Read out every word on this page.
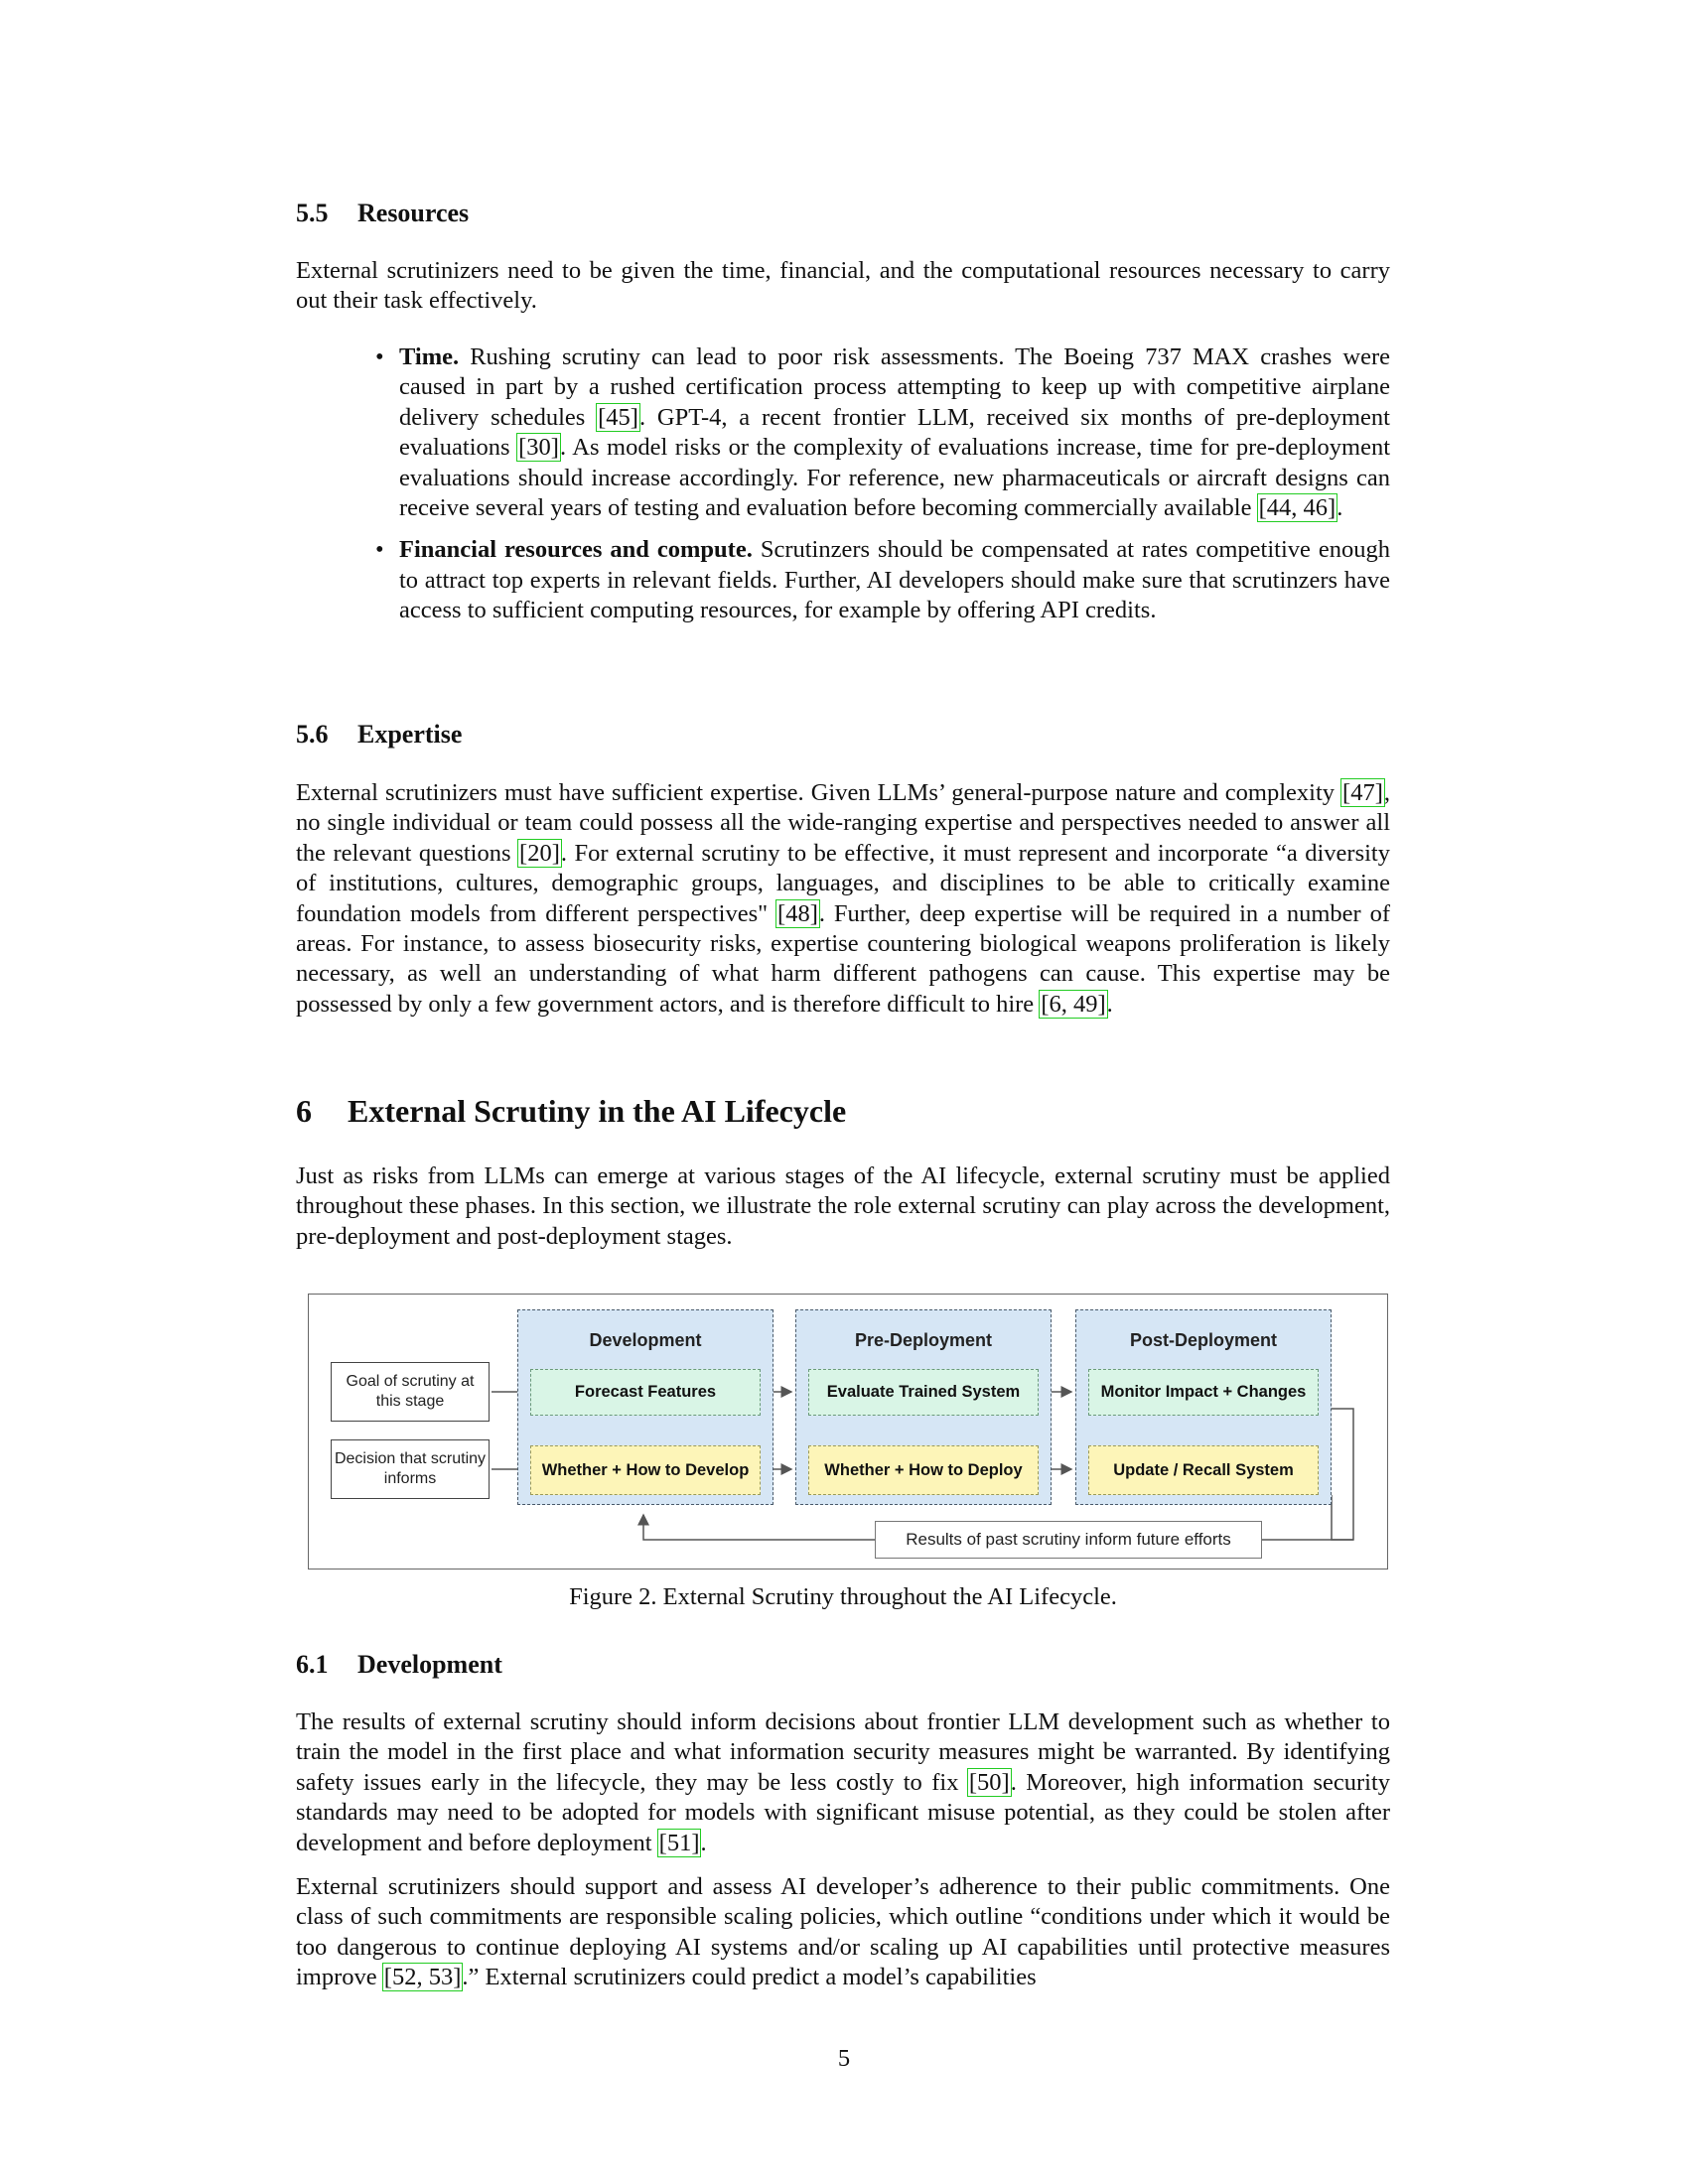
5.5 Resources

External scrutinizers need to be given the time, financial, and the computational resources necessary to carry out their task effectively.

• Time. Rushing scrutiny can lead to poor risk assessments. The Boeing 737 MAX crashes were caused in part by a rushed certification process attempting to keep up with competitive airplane delivery schedules [45]. GPT-4, a recent frontier LLM, received six months of pre-deployment evaluations [30]. As model risks or the complexity of evaluations increase, time for pre-deployment evaluations should increase accordingly. For reference, new pharmaceuticals or aircraft designs can receive several years of testing and evaluation before becoming commercially available [44, 46].
• Financial resources and compute. Scrutinzers should be compensated at rates competitive enough to attract top experts in relevant fields. Further, AI developers should make sure that scrutinzers have access to sufficient computing resources, for example by offering API credits.
5.6 Expertise

External scrutinizers must have sufficient expertise. Given LLMs’ general-purpose nature and complexity [47], no single individual or team could possess all the wide-ranging expertise and perspectives needed to answer all the relevant questions [20]. For external scrutiny to be effective, it must represent and incorporate “a diversity of institutions, cultures, demographic groups, languages, and disciplines to be able to critically examine foundation models from different perspectives" [48]. Further, deep expertise will be required in a number of areas. For instance, to assess biosecurity risks, expertise countering biological weapons proliferation is likely necessary, as well an understanding of what harm different pathogens can cause. This expertise may be possessed by only a few government actors, and is therefore difficult to hire [6, 49].

6 External Scrutiny in the AI Lifecycle

Just as risks from LLMs can emerge at various stages of the AI lifecycle, external scrutiny must be applied throughout these phases. In this section, we illustrate the role external scrutiny can play across the development, pre-deployment and post-deployment stages.

Goal of scrutiny at this stage
Decision that scrutiny informs
Development
Forecast Features
Whether + How to Develop
Pre-Deployment
Evaluate Trained System
Whether + How to Deploy
Post-Deployment
Monitor Impact + Changes
Update / Recall System
Results of past scrutiny inform future efforts
Figure 2. External Scrutiny throughout the AI Lifecycle.
6.1 Development

The results of external scrutiny should inform decisions about frontier LLM development such as whether to train the model in the first place and what information security measures might be warranted. By identifying safety issues early in the lifecycle, they may be less costly to fix [50]. Moreover, high information security standards may need to be adopted for models with significant misuse potential, as they could be stolen after development and before deployment [51].

External scrutinizers should support and assess AI developer’s adherence to their public commitments. One class of such commitments are responsible scaling policies, which outline “conditions under which it would be too dangerous to continue deploying AI systems and/or scaling up AI capabilities until protective measures improve [52, 53].” External scrutinizers could predict a model’s capabilities

5
